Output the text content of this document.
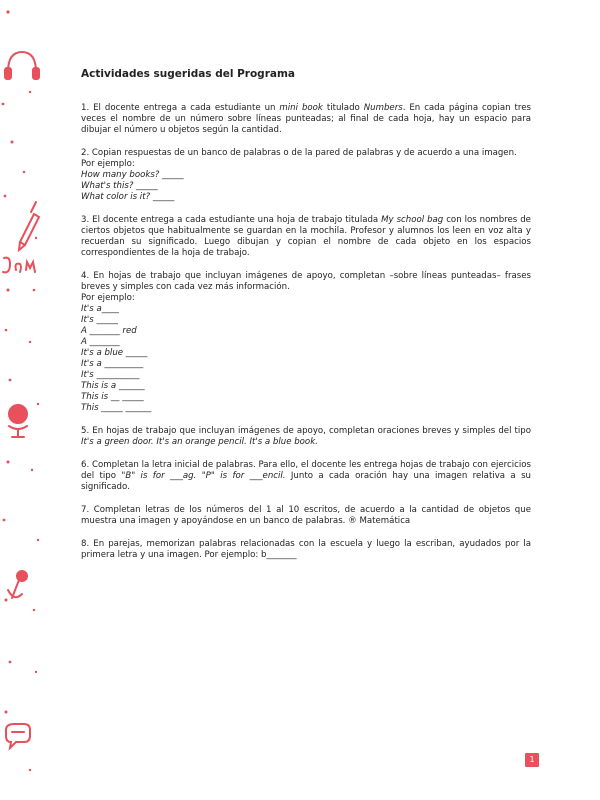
Actividades sugeridas del Programa

1. El docente entrega a cada estudiante un mini book titulado Numbers. En cada página copian tres veces el nombre de un número sobre líneas punteadas; al final de cada hoja, hay un espacio para dibujar el número u objetos según la cantidad.

2. Copian respuestas de un banco de palabras o de la pared de palabras y de acuerdo a una imagen.

Por ejemplo:
How many books? _____
What's this? _____
What color is it? _____

3. El docente entrega a cada estudiante una hoja de trabajo titulada My school bag con los nombres de ciertos objetos que habitualmente se guardan en la mochila. Profesor y alumnos los leen en voz alta y recuerdan su significado. Luego dibujan y copian el nombre de cada objeto en los espacios correspondientes de la hoja de trabajo.

4. En hojas de trabajo que incluyan imágenes de apoyo, completan –sobre líneas punteadas– frases breves y simples con cada vez más información.

Por ejemplo:
It's a____
It's _____
A _______ red
A _______
It's a blue _____
It's a _________
It's __________
This is a ______
This is __ _____
This _____ ______

5. En hojas de trabajo que incluyan imágenes de apoyo, completan oraciones breves y simples del tipo It's a green door. It's an orange pencil. It's a blue book.

6. Completan la letra inicial de palabras. Para ello, el docente les entrega hojas de trabajo con ejercicios del tipo "B" is for ___ag. "P" is for ___encil. Junto a cada oración hay una imagen relativa a su significado.

7. Completan letras de los números del 1 al 10 escritos, de acuerdo a la cantidad de objetos que muestra una imagen y apoyándose en un banco de palabras. ® Matemática

8. En parejas, memorizan palabras relacionadas con la escuela y luego la escriban, ayudados por la primera letra y una imagen. Por ejemplo: b_______

1
